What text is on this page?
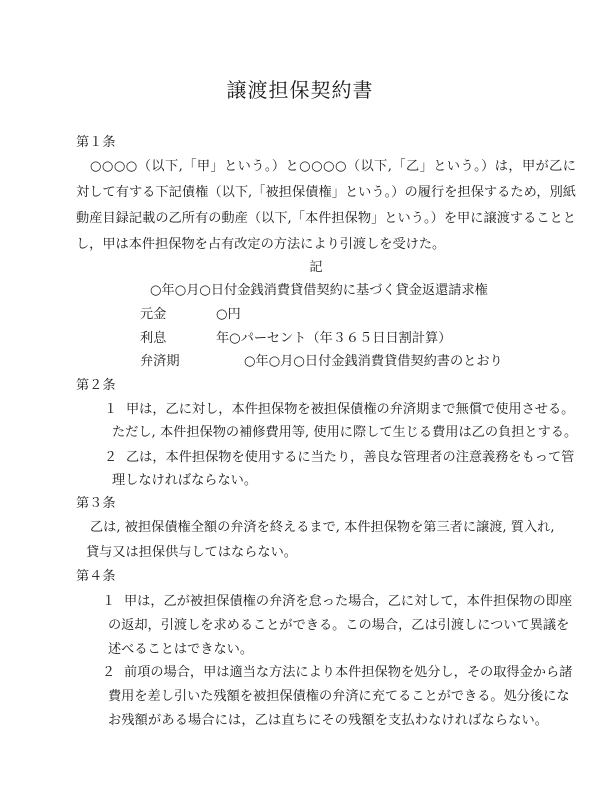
譲渡担保契約書
第１条
○○○○（以下,「甲」という。）と○○○○（以下,「乙」という。）は，甲が乙に
対して有する下記債権（以下,「被担保債権」という。）の履行を担保するため，別紙
動産目録記載の乙所有の動産（以下,「本件担保物」という。）を甲に譲渡することと
し，甲は本件担保物を占有改定の方法により引渡しを受けた。
記
○年○月○日付金銭消費貸借契約に基づく貸金返還請求権
元金	○円
利息	年○パーセント（年３６５日日割計算）
弁済期	○年○月○日付金銭消費貸借契約書のとおり
第２条
１ 甲は，乙に対し，本件担保物を被担保債権の弁済期まで無償で使用させる。
ただし, 本件担保物の補修費用等, 使用に際して生じる費用は乙の負担とする。
２ 乙は，本件担保物を使用するに当たり，善良な管理者の注意義務をもって管
理しなければならない。
第３条
乙は, 被担保債権全額の弁済を終えるまで, 本件担保物を第三者に譲渡, 質入れ,
貸与又は担保供与してはならない。
第４条
１ 甲は，乙が被担保債権の弁済を怠った場合，乙に対して，本件担保物の即座
の返却，引渡しを求めることができる。この場合，乙は引渡しについて異議を
述べることはできない。
２ 前項の場合，甲は適当な方法により本件担保物を処分し，その取得金から諸
費用を差し引いた残額を被担保債権の弁済に充てることができる。処分後にな
お残額がある場合には，乙は直ちにその残額を支払わなければならない。
